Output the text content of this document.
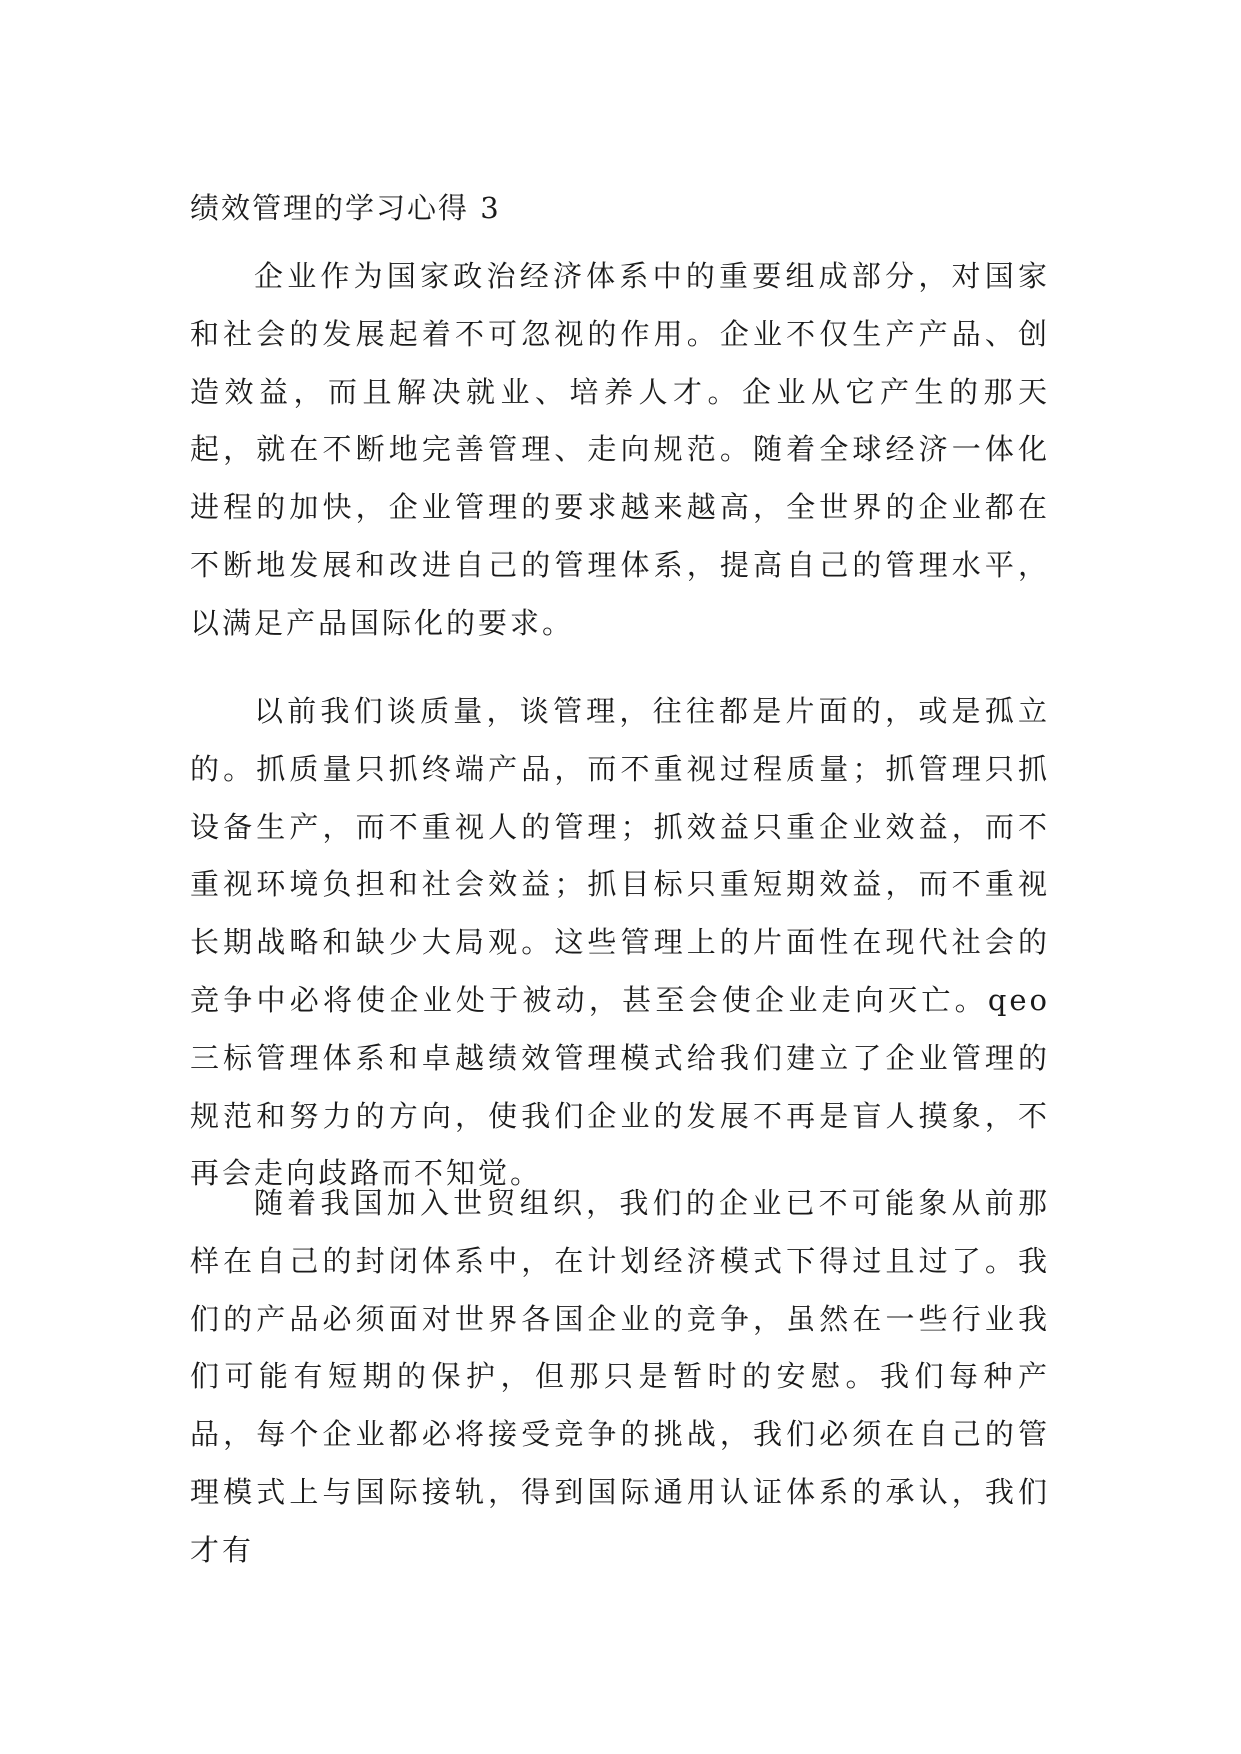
绩效管理的学习心得 3

企业作为国家政治经济体系中的重要组成部分，对国家和社会的发展起着不可忽视的作用。企业不仅生产产品、创造效益，而且解决就业、培养人才。企业从它产生的那天起，就在不断地完善管理、走向规范。随着全球经济一体化进程的加快，企业管理的要求越来越高，全世界的企业都在不断地发展和改进自己的管理体系，提高自己的管理水平，以满足产品国际化的要求。

以前我们谈质量，谈管理，往往都是片面的，或是孤立的。抓质量只抓终端产品，而不重视过程质量；抓管理只抓设备生产，而不重视人的管理；抓效益只重企业效益，而不重视环境负担和社会效益；抓目标只重短期效益，而不重视长期战略和缺少大局观。这些管理上的片面性在现代社会的竞争中必将使企业处于被动，甚至会使企业走向灭亡。qeo三标管理体系和卓越绩效管理模式给我们建立了企业管理的规范和努力的方向，使我们企业的发展不再是盲人摸象，不再会走向歧路而不知觉。

随着我国加入世贸组织，我们的企业已不可能象从前那样在自己的封闭体系中，在计划经济模式下得过且过了。我们的产品必须面对世界各国企业的竞争，虽然在一些行业我们可能有短期的保护，但那只是暂时的安慰。我们每种产品，每个企业都必将接受竞争的挑战，我们必须在自己的管理模式上与国际接轨，得到国际通用认证体系的承认，我们才有
